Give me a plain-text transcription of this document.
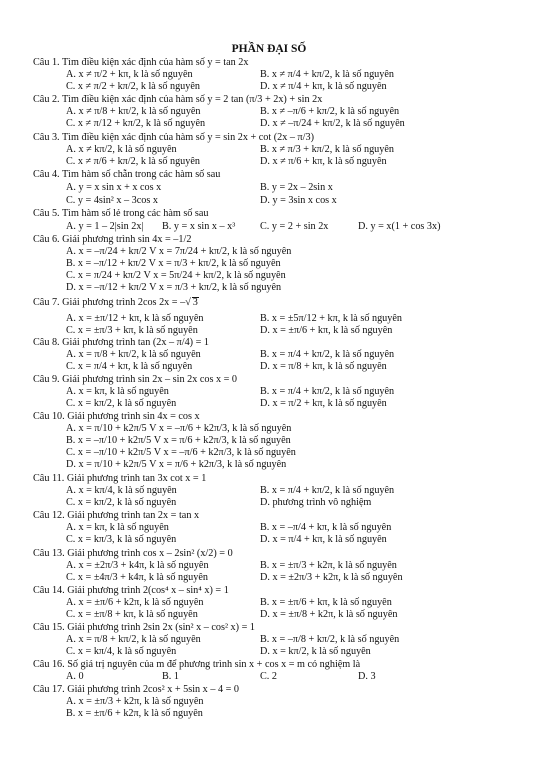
PHẦN ĐẠI SỐ
Câu 1. Tìm điều kiện xác định của hàm số y = tan 2x
A. x ≠ π/2 + kπ, k là số nguyên	B. x ≠ π/4 + kπ/2, k là số nguyên
C. x ≠ π/2 + kπ/2, k là số nguyên	D. x ≠ π/4 + kπ, k là số nguyên
Câu 2. Tìm điều kiện xác định của hàm số y = 2 tan (π/3 + 2x) + sin 2x
A. x ≠ π/8 + kπ/2, k là số nguyên	B. x ≠ –π/6 + kπ/2, k là số nguyên
C. x ≠ π/12 + kπ/2, k là số nguyên	D. x ≠ –π/24 + kπ/2, k là số nguyên
Câu 3. Tìm điều kiện xác định của hàm số y = sin 2x + cot (2x – π/3)
A. x ≠ kπ/2, k là số nguyên	B. x ≠ π/3 + kπ/2, k là số nguyên
C. x ≠ π/6 + kπ/2, k là số nguyên	D. x ≠ π/6 + kπ, k là số nguyên
Câu 4. Tìm hàm số chẵn trong các hàm số sau
A. y = x sin x + x cos x	B. y = 2x – 2sin x
C. y = 4sin² x – 3cos x	D. y = 3sin x cos x
Câu 5. Tìm hàm số lẻ trong các hàm số sau
A. y = 1 – 2|sin 2x| B. y = x sin x – x³ C. y = 2 + sin 2x	D. y = x(1 + cos 3x)
Câu 6. Giải phương trình sin 4x = –1/2
A. x = –π/24 + kπ/2 V x = 7π/24 + kπ/2, k là số nguyên
B. x = –π/12 + kπ/2 V x = π/3 + kπ/2, k là số nguyên
C. x = π/24 + kπ/2 V x = 5π/24 + kπ/2, k là số nguyên
D. x = –π/12 + kπ/2 V x = π/3 + kπ/2, k là số nguyên
Câu 7. Giải phương trình 2cos 2x = –√ 3
A. x = ±π/12 + kπ, k là số nguyên	B. x = ±5π/12 + kπ, k là số nguyên
C. x = ±π/3 + kπ, k là số nguyên	D. x = ±π/6 + kπ, k là số nguyên
Câu 8. Giải phương trình tan (2x – π/4) = 1
A. x = π/8 + kπ/2, k là số nguyên	B. x = π/4 + kπ/2, k là số nguyên
C. x = π/4 + kπ, k là số nguyên	D. x = π/8 + kπ, k là số nguyên
Câu 9. Giải phương trình sin 2x – sin 2x cos x = 0
A. x = kπ, k là số nguyên	B. x = π/4 + kπ/2, k là số nguyên
C. x = kπ/2, k là số nguyên	D. x = π/2 + kπ, k là số nguyên
Câu 10. Giải phương trình sin 4x = cos x
A. x = π/10 + k2π/5 V x = –π/6 + k2π/3, k là số nguyên
B. x = –π/10 + k2π/5 V x = π/6 + k2π/3, k là số nguyên
C. x = –π/10 + k2π/5 V x = –π/6 + k2π/3, k là số nguyên
D. x = π/10 + k2π/5 V x = π/6 + k2π/3, k là số nguyên
Câu 11. Giải phương trình tan 3x cot x = 1
A. x = kπ/4, k là số nguyên	B. x = π/4 + kπ/2, k là số nguyên
C. x = kπ/2, k là số nguyên	D. phương trình vô nghiệm
Câu 12. Giải phương trình tan 2x = tan x
A. x = kπ, k là số nguyên	B. x = –π/4 + kπ, k là số nguyên
C. x = kπ/3, k là số nguyên	D. x = π/4 + kπ, k là số nguyên
Câu 13. Giải phương trình cos x – 2sin² (x/2) = 0
A. x = ±2π/3 + k4π, k là số nguyên	B. x = ±π/3 + k2π, k là số nguyên
C. x = ±4π/3 + k4π, k là số nguyên	D. x = ±2π/3 + k2π, k là số nguyên
Câu 14. Giải phương trình 2(cos⁴ x – sin⁴ x) = 1
A. x = ±π/6 + k2π, k là số nguyên	B. x = ±π/6 + kπ, k là số nguyên
C. x = ±π/8 + kπ, k là số nguyên	D. x = ±π/8 + k2π, k là số nguyên
Câu 15. Giải phương trình 2sin 2x (sin² x – cos² x) = 1
A. x = π/8 + kπ/2, k là số nguyên	B. x = –π/8 + kπ/2, k là số nguyên
C. x = kπ/4, k là số nguyên	D. x = kπ/2, k là số nguyên
Câu 16. Số giá trị nguyên của m để phương trình sin x + cos x = m có nghiệm là
A. 0	B. 1	C. 2	D. 3
Câu 17. Giải phương trình 2cos² x + 5sin x – 4 = 0
A. x = ±π/3 + k2π, k là số nguyên
B. x = ±π/6 + k2π, k là số nguyên
